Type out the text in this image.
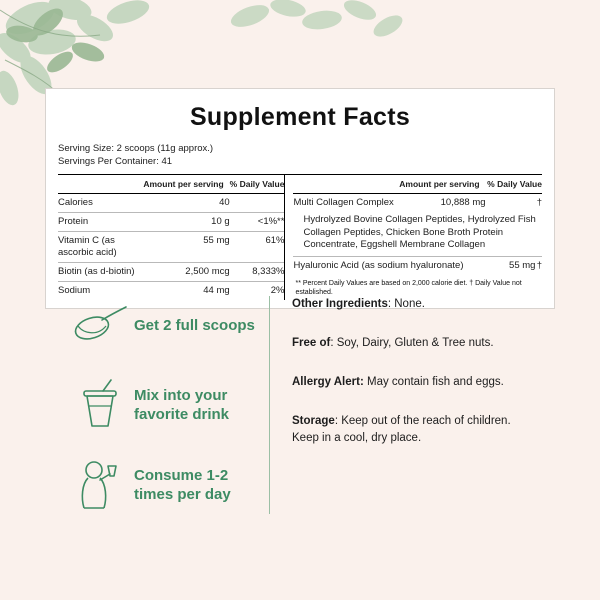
Supplement Facts
Serving Size: 2 scoops (11g approx.)
Servings Per Container: 41
	Amount per serving	% Daily Value
Calories	40	
Protein	10 g	<1%**
Vitamin C (as ascorbic acid)	55 mg	61%
Biotin (as d-biotin)	2,500 mcg	8,333%
Sodium	44 mg	2%
	Amount per serving	% Daily Value
Multi Collagen Complex	10,888 mg	†
Hydrolyzed Bovine Collagen Peptides, Hydrolyzed Fish Collagen Peptides, Chicken Bone Broth Protein Concentrate, Eggshell Membrane Collagen
Hyaluronic Acid (as sodium hyaluronate)	55 mg	†
** Percent Daily Values are based on 2,000 calorie diet. † Daily Value not established.
Get 2 full scoops
Mix into your favorite drink
Consume 1-2 times per day

Other Ingredients: None.

Free of: Soy, Dairy, Gluten & Tree nuts.

Allergy Alert: May contain fish and eggs.

Storage: Keep out of the reach of children. Keep in a cool, dry place.
